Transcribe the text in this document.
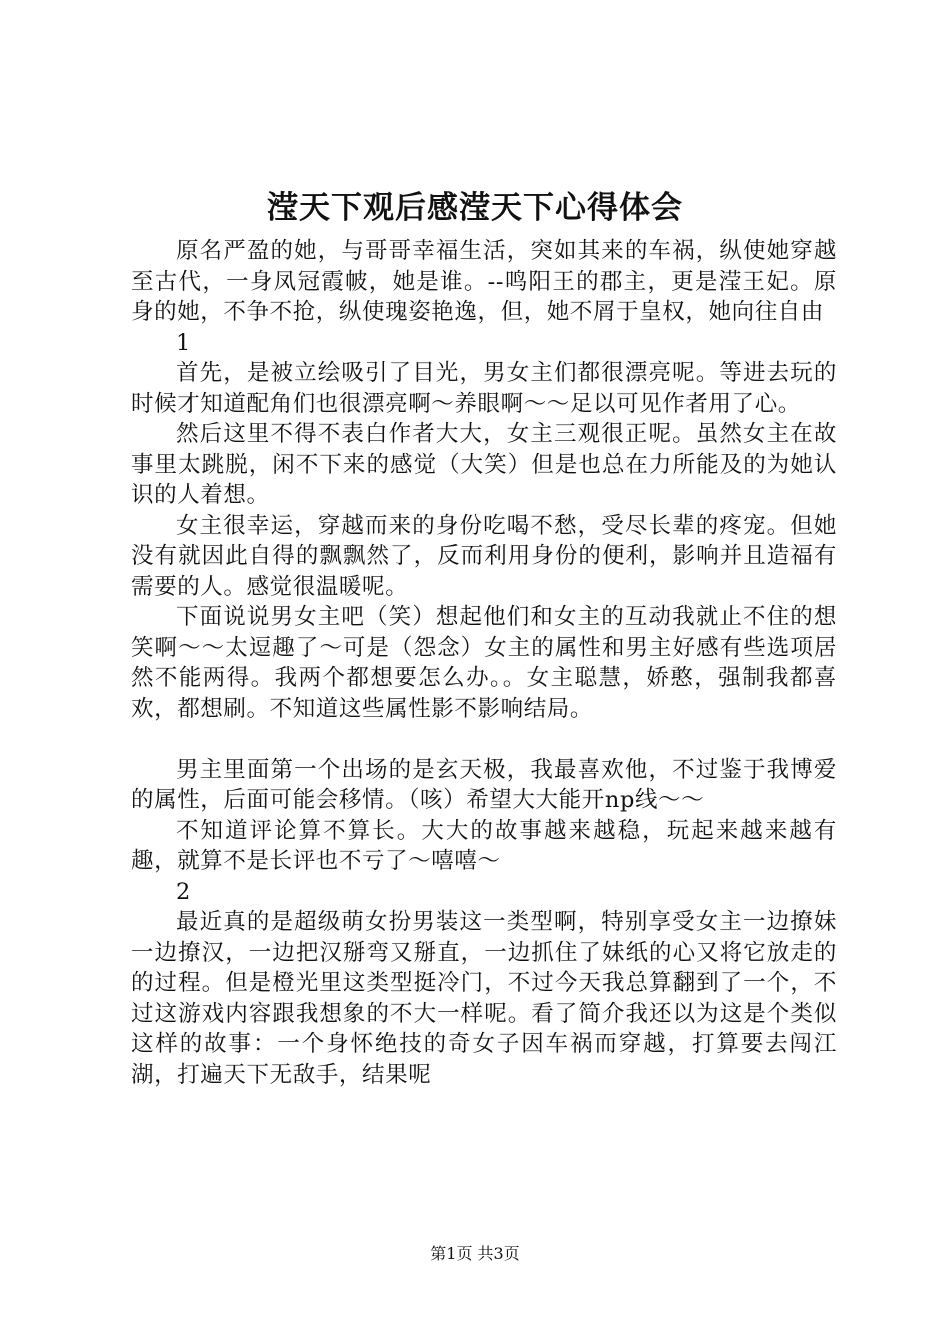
滢天下观后感滢天下心得体会

原名严盈的她，与哥哥幸福生活，突如其来的车祸，纵使她穿越至古代，一身凤冠霞帔，她是谁。--鸣阳王的郡主，更是滢王妃。原身的她，不争不抢，纵使瑰姿艳逸，但，她不屑于皇权，她向往自由

1

首先，是被立绘吸引了目光，男女主们都很漂亮呢。等进去玩的时候才知道配角们也很漂亮啊～养眼啊～～足以可见作者用了心。

然后这里不得不表白作者大大，女主三观很正呢。虽然女主在故事里太跳脱，闲不下来的感觉（大笑）但是也总在力所能及的为她认识的人着想。

女主很幸运，穿越而来的身份吃喝不愁，受尽长辈的疼宠。但她没有就因此自得的飘飘然了，反而利用身份的便利，影响并且造福有需要的人。感觉很温暖呢。

下面说说男女主吧（笑）想起他们和女主的互动我就止不住的想笑啊～～太逗趣了～可是（怨念）女主的属性和男主好感有些选项居然不能两得。我两个都想要怎么办。。女主聪慧，娇憨，强制我都喜欢，都想刷。不知道这些属性影不影响结局。

男主里面第一个出场的是玄天极，我最喜欢他，不过鉴于我博爱的属性，后面可能会移情。（咳）希望大大能开np线～～

不知道评论算不算长。大大的故事越来越稳，玩起来越来越有趣，就算不是长评也不亏了～嘻嘻～

2

最近真的是超级萌女扮男装这一类型啊，特别享受女主一边撩妹一边撩汉，一边把汉掰弯又掰直，一边抓住了妹纸的心又将它放走的的过程。但是橙光里这类型挺冷门，不过今天我总算翻到了一个，不过这游戏内容跟我想象的不大一样呢。看了简介我还以为这是个类似这样的故事：一个身怀绝技的奇女子因车祸而穿越，打算要去闯江湖，打遍天下无敌手，结果呢

第1页 共3页
